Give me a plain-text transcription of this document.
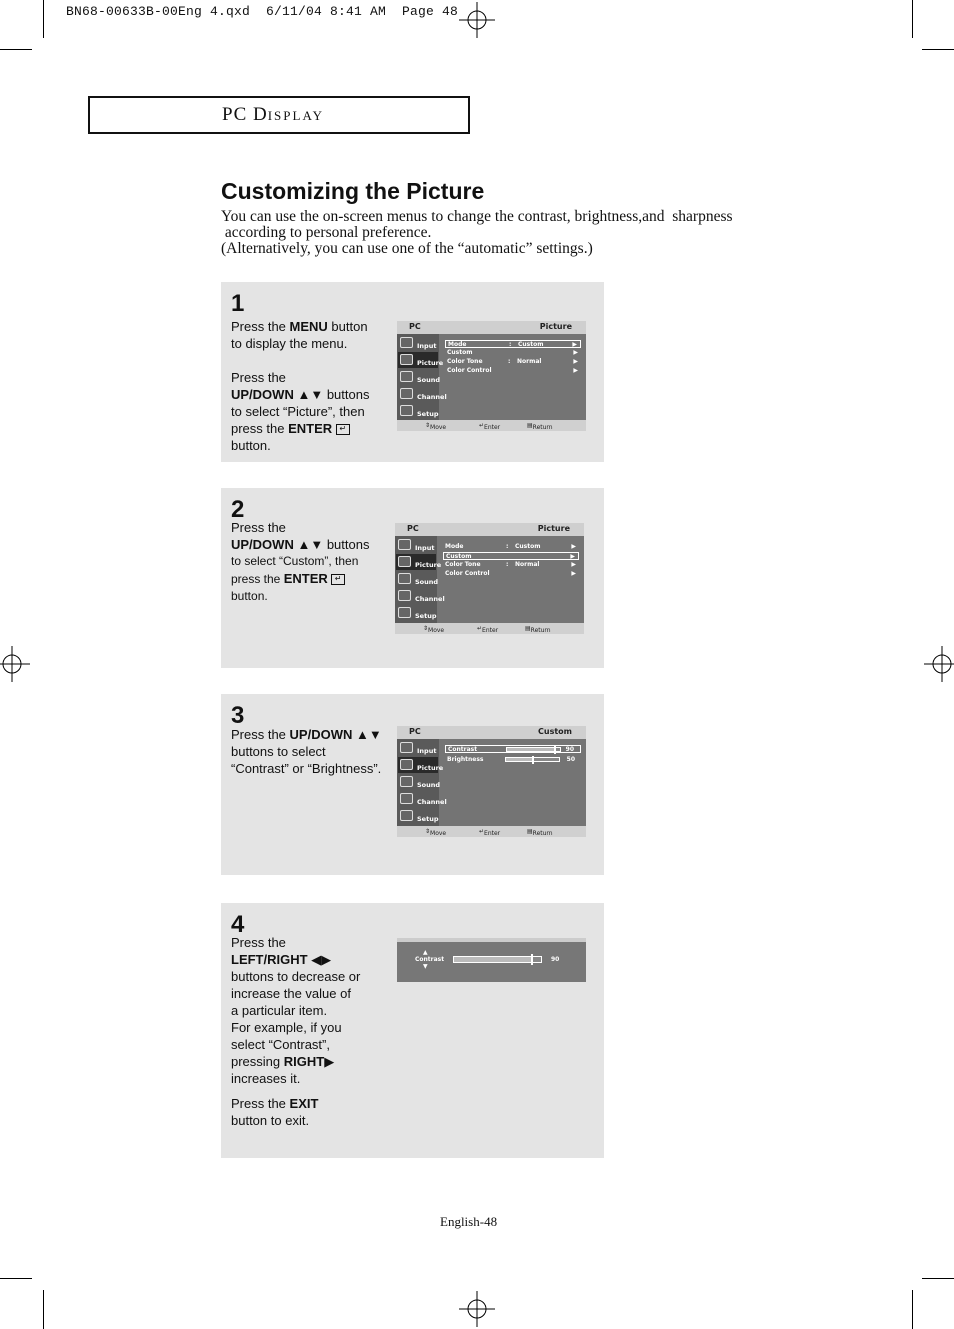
BN68-00633B-00Eng 4.qxd  6/11/04 8:41 AM  Page 48
PC DISPLAY
Customizing the Picture
You can use the on-screen menus to change the contrast, brightness,and  sharpness
according to personal preference.
(Alternatively, you can use one of the “automatic” settings.)
1
Press the MENU button
to display the menu.
Press the
UP/DOWN ▲▼ buttons
to select “Picture”, then
press the ENTER ↵
button.
PC	Picture
Input
Picture
Sound
Channel
Setup
Mode	: Custom	▶
Custom	▶
Color Tone	: Normal	▶
Color Control	▶
⇕ Move	↵ Enter	▤ Return
2
Press the
UP/DOWN ▲▼ buttons
to select “Custom”, then
press the ENTER ↵
button.
PC	Picture
Input
Picture
Sound
Channel
Setup
Mode	: Custom	▶
Custom	▶
Color Tone	: Normal	▶
Color Control	▶
⇕ Move	↵ Enter	▤ Return
3
Press the UP/DOWN ▲▼
buttons to select
“Contrast” or “Brightness”.
PC	Custom
Input
Picture
Sound
Channel
Setup
Contrast	90
Brightness	50
⇕ Move	↵ Enter	▤ Return
4
Press the
LEFT/RIGHT ◀▶
buttons to decrease or
increase the value of
a particular item.
For example, if you
select “Contrast”,
pressing RIGHT▶
increases it.
Press the EXIT
button to exit.
▲
Contrast
▼
90
English-48
